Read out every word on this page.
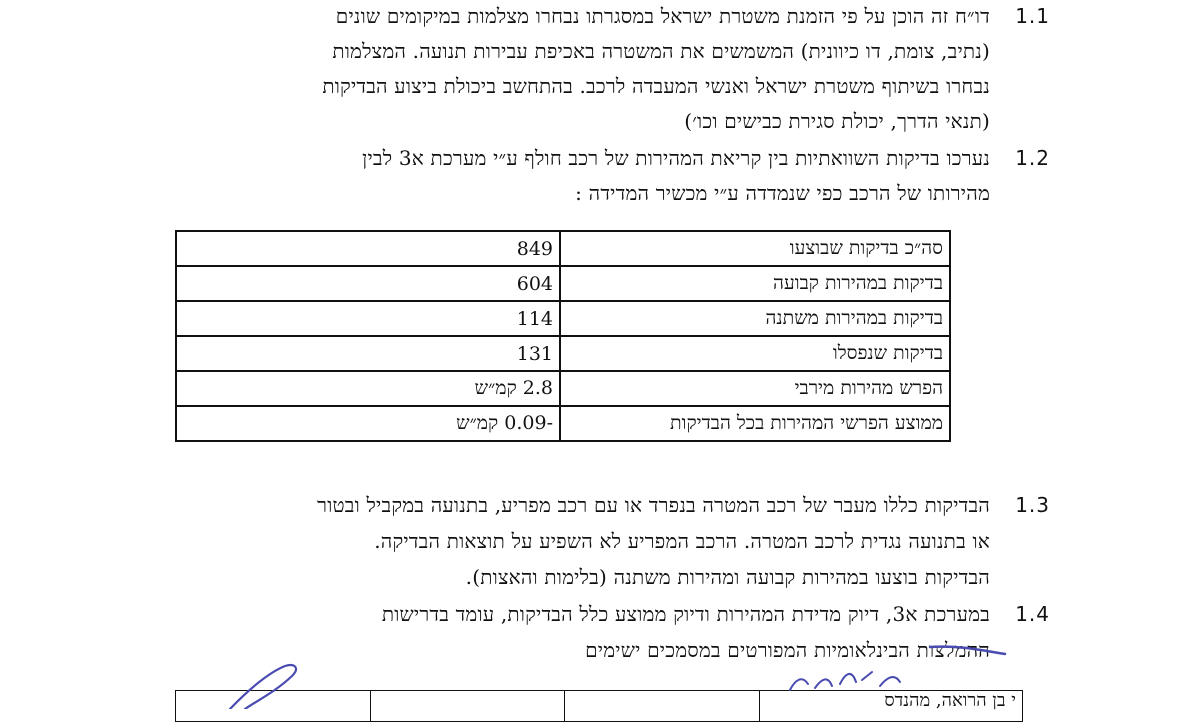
1.1
דו״ח זה הוכן על פי הזמנת משטרת ישראל במסגרתו נבחרו מצלמות במיקומים שונים
(נתיב, צומת, דו כיוונית) המשמשים את המשטרה באכיפת עבירות תנועה. המצלמות
נבחרו בשיתוף משטרת ישראל ואנשי המעבדה לרכב. בהתחשב ביכולת ביצוע הבדיקות
(תנאי הדרך, יכולת סגירת כבישים וכו׳)
1.2
נערכו בדיקות השוואתיות בין קריאת המהירות של רכב חולף ע״י מערכת א3 לבין
מהירותו של הרכב כפי שנמדדה ע״י מכשיר המדידה :
סה״כ בדיקות שבוצעו	849
בדיקות במהירות קבועה	604
בדיקות במהירות משתנה	114
בדיקות שנפסלו	131
הפרש מהירות מירבי	2.8 קמ״ש
ממוצע הפרשי המהירות בכל הבדיקות	-0.09 קמ״ש
1.3
הבדיקות כללו מעבר של רכב המטרה בנפרד או עם רכב מפריע, בתנועה במקביל ובטור
או בתנועה נגדית לרכב המטרה. הרכב המפריע לא השפיע על תוצאות הבדיקה.
הבדיקות בוצעו במהירות קבועה ומהירות משתנה (בלימות והאצות).
1.4
במערכת א3, דיוק מדידת המהירות ודיוק ממוצע כלל הבדיקות, עומד בדרישות
ההמלצות הבינלאומיות המפורטים במסמכים ישימים
י בן הרואה, מהנדס			
